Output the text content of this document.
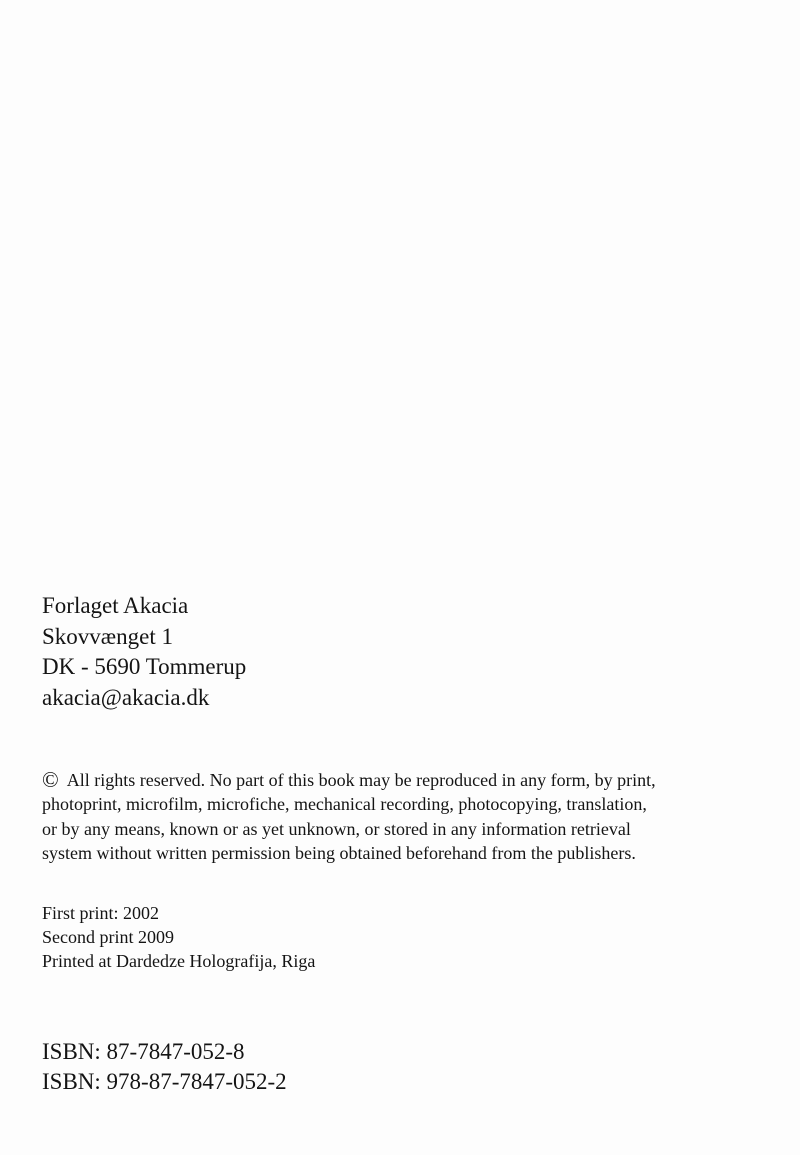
Forlaget Akacia
Skovvænget 1
DK - 5690 Tommerup
akacia@akacia.dk
© All rights reserved. No part of this book may be reproduced in any form, by print,
photoprint, microfilm, microfiche, mechanical recording, photocopying, translation,
or by any means, known or as yet unknown, or stored in any information retrieval
system without written permission being obtained beforehand from the publishers.
First print: 2002
Second print 2009
Printed at Dardedze Holografija, Riga
ISBN: 87-7847-052-8
ISBN: 978-87-7847-052-2
